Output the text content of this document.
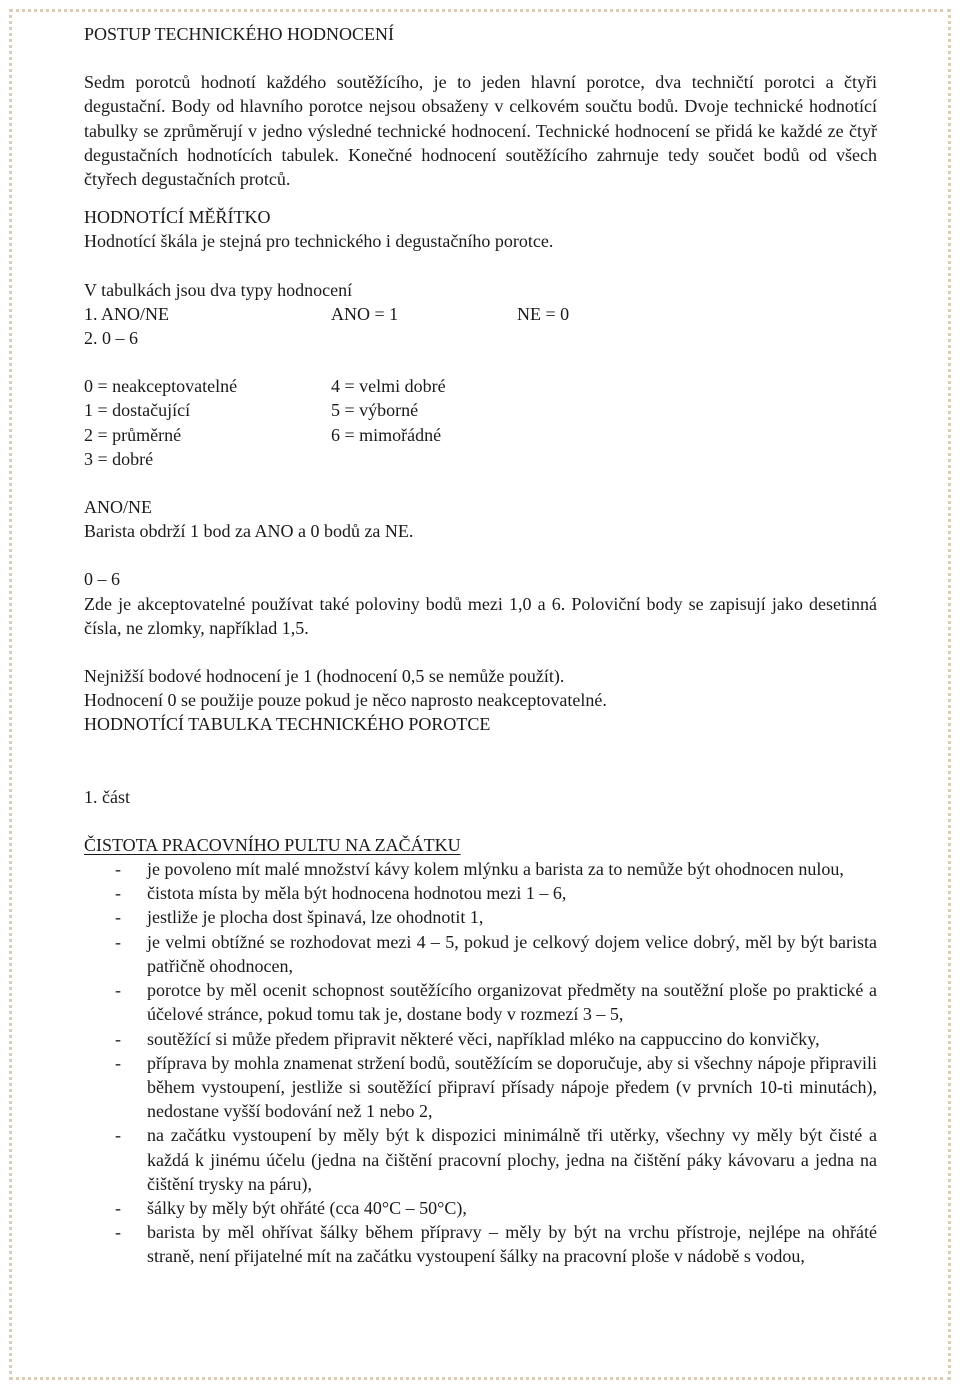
POSTUP TECHNICKÉHO HODNOCENÍ

Sedm porotců hodnotí každého soutěžícího, je to jeden hlavní porotce, dva techničtí porotci a čtyři degustační. Body od hlavního porotce nejsou obsaženy v celkovém součtu bodů. Dvoje technické hodnotící tabulky se zprůměrují v jedno výsledné technické hodnocení. Technické hodnocení se přidá ke každé ze čtyř degustačních hodnotících tabulek. Konečné hodnocení soutěžícího zahrnuje tedy součet bodů od všech čtyřech degustačních protců.

HODNOTÍCÍ MĚŘÍTKO

Hodnotící škála je stejná pro technického i degustačního porotce.

V tabulkách jsou dva typy hodnocení

1. ANO/NE	ANO = 1	NE = 0

2. 0 – 6

0 = neakceptovatelné	4 = velmi dobré
1 = dostačující	5 = výborné
2 = průměrné	6 = mimořádné
3 = dobré

ANO/NE

Barista obdrží 1 bod za ANO a 0 bodů za NE.

0 – 6

Zde je akceptovatelné používat také poloviny bodů mezi 1,0 a 6. Poloviční body se zapisují jako desetinná čísla, ne zlomky, například 1,5.

Nejnižší bodové hodnocení je 1 (hodnocení 0,5 se nemůže použít).

Hodnocení 0 se použije pouze pokud je něco naprosto neakceptovatelné.

HODNOTÍCÍ TABULKA TECHNICKÉHO POROTCE

1. část

ČISTOTA PRACOVNÍHO PULTU NA ZAČÁTKU

- je povoleno mít malé množství kávy kolem mlýnku a barista za to nemůže být ohodnocen nulou,
- čistota místa by měla být hodnocena hodnotou mezi 1 – 6,
- jestliže je plocha dost špinavá, lze ohodnotit 1,
- je velmi obtížné se rozhodovat mezi 4 – 5, pokud je celkový dojem velice dobrý, měl by být barista patřičně ohodnocen,
- porotce by měl ocenit schopnost soutěžícího organizovat předměty na soutěžní ploše po praktické a účelové stránce, pokud tomu tak je, dostane body v rozmezí 3 – 5,
- soutěžící si může předem připravit některé věci, například mléko na cappuccino do konvičky,
- příprava by mohla znamenat stržení bodů, soutěžícím se doporučuje, aby si všechny nápoje připravili během vystoupení, jestliže si soutěžící připraví přísady nápoje předem (v prvních 10-ti minutách), nedostane vyšší bodování než 1 nebo 2,
- na začátku vystoupení by měly být k dispozici minimálně tři utěrky, všechny vy měly být čisté a každá k jinému účelu (jedna na čištění pracovní plochy, jedna na čištění páky kávovaru a jedna na čištění trysky na páru),
- šálky by měly být ohřáté (cca 40°C – 50°C),
- barista by měl ohřívat šálky během přípravy – měly by být na vrchu přístroje, nejlépe na ohřáté straně, není přijatelné mít na začátku vystoupení šálky na pracovní ploše v nádobě s vodou,
